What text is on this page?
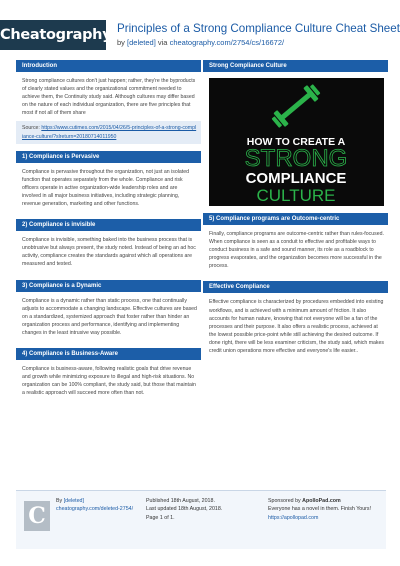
Cheatography Principles of a Strong Compliance Culture Cheat Sheet
by [deleted] via cheatography.com/2754/cs/16672/
Introduction

Strong compliance cultures don't just happen; rather, they're the byproducts of clearly stated values and the organizational commitment needed to achieve them, the Continuity study said. Although cultures may differ based on the nature of each individual organization, there are five principles that most if not all of them share

Source: https://www.cutimes.com/2015/04/26/5-principles-of-a-strong-compliance-culture/?slreturn=20180714011950
1) Compliance is Pervasive

Compliance is pervasive throughout the organization, not just an isolated function that operates separately from the whole. Compliance and risk officers operate in active organization-wide leadership roles and are involved in all major business initiatives, including strategic planning, revenue generation, marketing and other functions.

2) Compliance is invisible

Compliance is invisible, something baked into the business process that is unobtrusive but always present, the study noted. Instead of being an ad hoc activity, compliance creates the standards against which all operations are measured and tested.

3) Compliance is a Dynamic

Compliance is a dynamic rather than static process, one that continually adjusts to accommodate a changing landscape. Effective cultures are based on a standardized, systemized approach that foster rather than hinder an organization process and performance, identifying and implementing changes in the least intrusive way possible.

4) Compliance is Business-Aware

Compliance is business-aware, following realistic goals that drive revenue and growth while minimizing exposure to illegal and high-risk situations. No organization can be 100% compliant, the study said, but those that maintain a realistic approach will succeed more often than not.

Strong Compliance Culture
HOW TO CREATE A
STRONG
COMPLIANCE
CULTURE
5) Compliance programs are Outcome-centric

Finally, compliance programs are outcome-centric rather than rules-focused. When compliance is seen as a conduit to effective and profitable ways to conduct business in a safe and sound manner, its role as a roadblock to progress evaporates, and the organization becomes more successful in the process.

Effective Compliance

Effective compliance is characterized by procedures embedded into existing workflows, and is achieved with a minimum amount of friction. It also accounts for human nature, knowing that not everyone will be a fan of the processes and their purpose. It also offers a realistic process, achieved at the lowest possible price-point while still achieving the desired outcome. If done right, there will be less examiner criticism, the study said, which makes credit union operations more effective and everyone's life easier..

C
By [deleted]
cheatography.com/deleted-2754/
Published 18th August, 2018.
Last updated 18th August, 2018.
Page 1 of 1.
Sponsored by ApolloPad.com
Everyone has a novel in them. Finish Yours!
https://apollopad.com
